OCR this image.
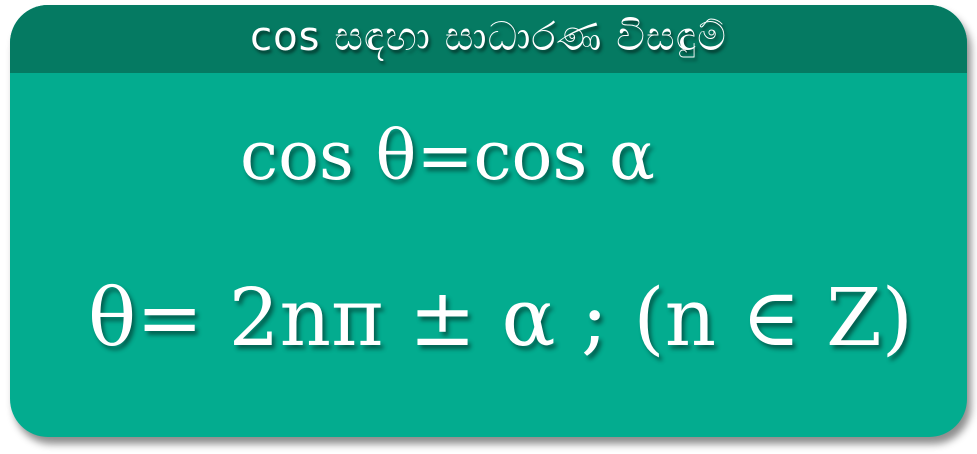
cos සඳහා සාධාරණ විසඳුම්
cos θ=cos α
θ= 2nπ ± α ; (n ∈ Z)
